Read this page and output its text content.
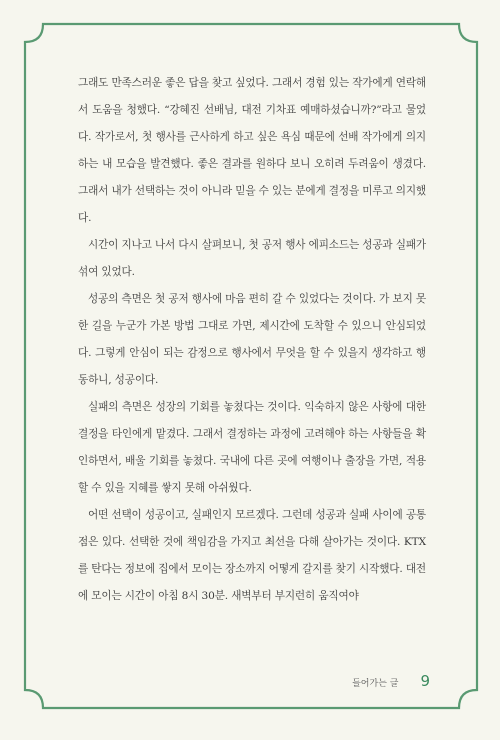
그래도 만족스러운 좋은 답을 찾고 싶었다. 그래서 경험 있는 작가에게 연락해서 도움을 청했다. “강혜진 선배님, 대전 기차표 예매하셨습니까?”라고 물었다. 작가로서, 첫 행사를 근사하게 하고 싶은 욕심 때문에 선배 작가에게 의지하는 내 모습을 발견했다. 좋은 결과를 원하다 보니 오히려 두려움이 생겼다. 그래서 내가 선택하는 것이 아니라 믿을 수 있는 분에게 결정을 미루고 의지했다.

시간이 지나고 나서 다시 살펴보니, 첫 공저 행사 에피소드는 성공과 실패가 섞여 있었다.

성공의 측면은 첫 공저 행사에 마음 편히 갈 수 있었다는 것이다. 가 보지 못한 길을 누군가 가본 방법 그대로 가면, 제시간에 도착할 수 있으니 안심되었다. 그렇게 안심이 되는 감정으로 행사에서 무엇을 할 수 있을지 생각하고 행동하니, 성공이다.

실패의 측면은 성장의 기회를 놓쳤다는 것이다. 익숙하지 않은 사항에 대한 결정을 타인에게 맡겼다. 그래서 결정하는 과정에 고려해야 하는 사항들을 확인하면서, 배울 기회를 놓쳤다. 국내에 다른 곳에 여행이나 출장을 가면, 적용할 수 있을 지혜를 쌓지 못해 아쉬웠다.

어떤 선택이 성공이고, 실패인지 모르겠다. 그런데 성공과 실패 사이에 공통점은 있다. 선택한 것에 책임감을 가지고 최선을 다해 살아가는 것이다. KTX를 탄다는 정보에 집에서 모이는 장소까지 어떻게 갈지를 찾기 시작했다. 대전에 모이는 시간이 아침 8시 30분. 새벽부터 부지런히 움직여야

들어가는 글 9
